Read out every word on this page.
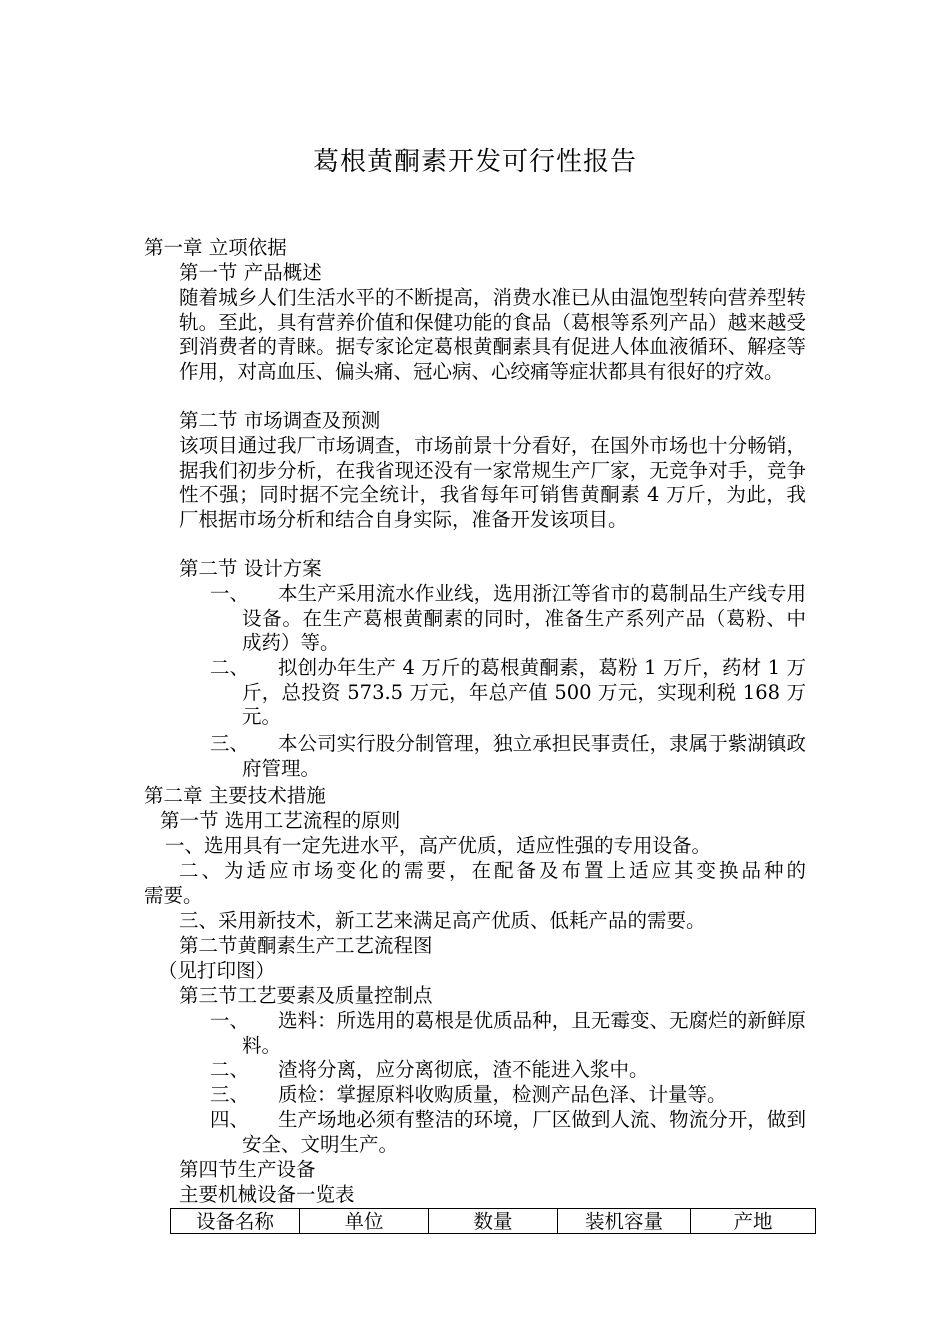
葛根黄酮素开发可行性报告
第一章 立项依据
第一节 产品概述

随着城乡人们生活水平的不断提高，消费水准已从由温饱型转向营养型转轨。至此，具有营养价值和保健功能的食品（葛根等系列产品）越来越受到消费者的青睐。据专家论定葛根黄酮素具有促进人体血液循环、解痉等作用，对高血压、偏头痛、冠心病、心绞痛等症状都具有很好的疗效。

第二节 市场调查及预测

该项目通过我厂市场调查，市场前景十分看好，在国外市场也十分畅销，据我们初步分析，在我省现还没有一家常规生产厂家，无竞争对手，竞争性不强；同时据不完全统计，我省每年可销售黄酮素 4 万斤，为此，我厂根据市场分析和结合自身实际，准备开发该项目。

第二节 设计方案
一、	本生产采用流水作业线，选用浙江等省市的葛制品生产线专用设备。在生产葛根黄酮素的同时，准备生产系列产品（葛粉、中成药）等。
二、	拟创办年生产 4 万斤的葛根黄酮素，葛粉 1 万斤，药材 1 万斤，总投资 573.5 万元，年总产值 500 万元，实现利税 168 万元。
三、	本公司实行股分制管理，独立承担民事责任，隶属于紫湖镇政府管理。
第二章 主要技术措施
第一节 选用工艺流程的原则
一、选用具有一定先进水平，高产优质，适应性强的专用设备。
二、为适应市场变化的需要，在配备及布置上适应其变换品种的
需要。
三、采用新技术，新工艺来满足高产优质、低耗产品的需要。
第二节黄酮素生产工艺流程图
（见打印图）
第三节工艺要素及质量控制点
一、	选料：所选用的葛根是优质品种，且无霉变、无腐烂的新鲜原料。
二、	渣将分离，应分离彻底，渣不能进入浆中。
三、	质检：掌握原料收购质量，检测产品色泽、计量等。
四、	生产场地必须有整洁的环境，厂区做到人流、物流分开，做到安全、文明生产。
第四节生产设备
主要机械设备一览表
设备名称	单位	数量	装机容量	产地
